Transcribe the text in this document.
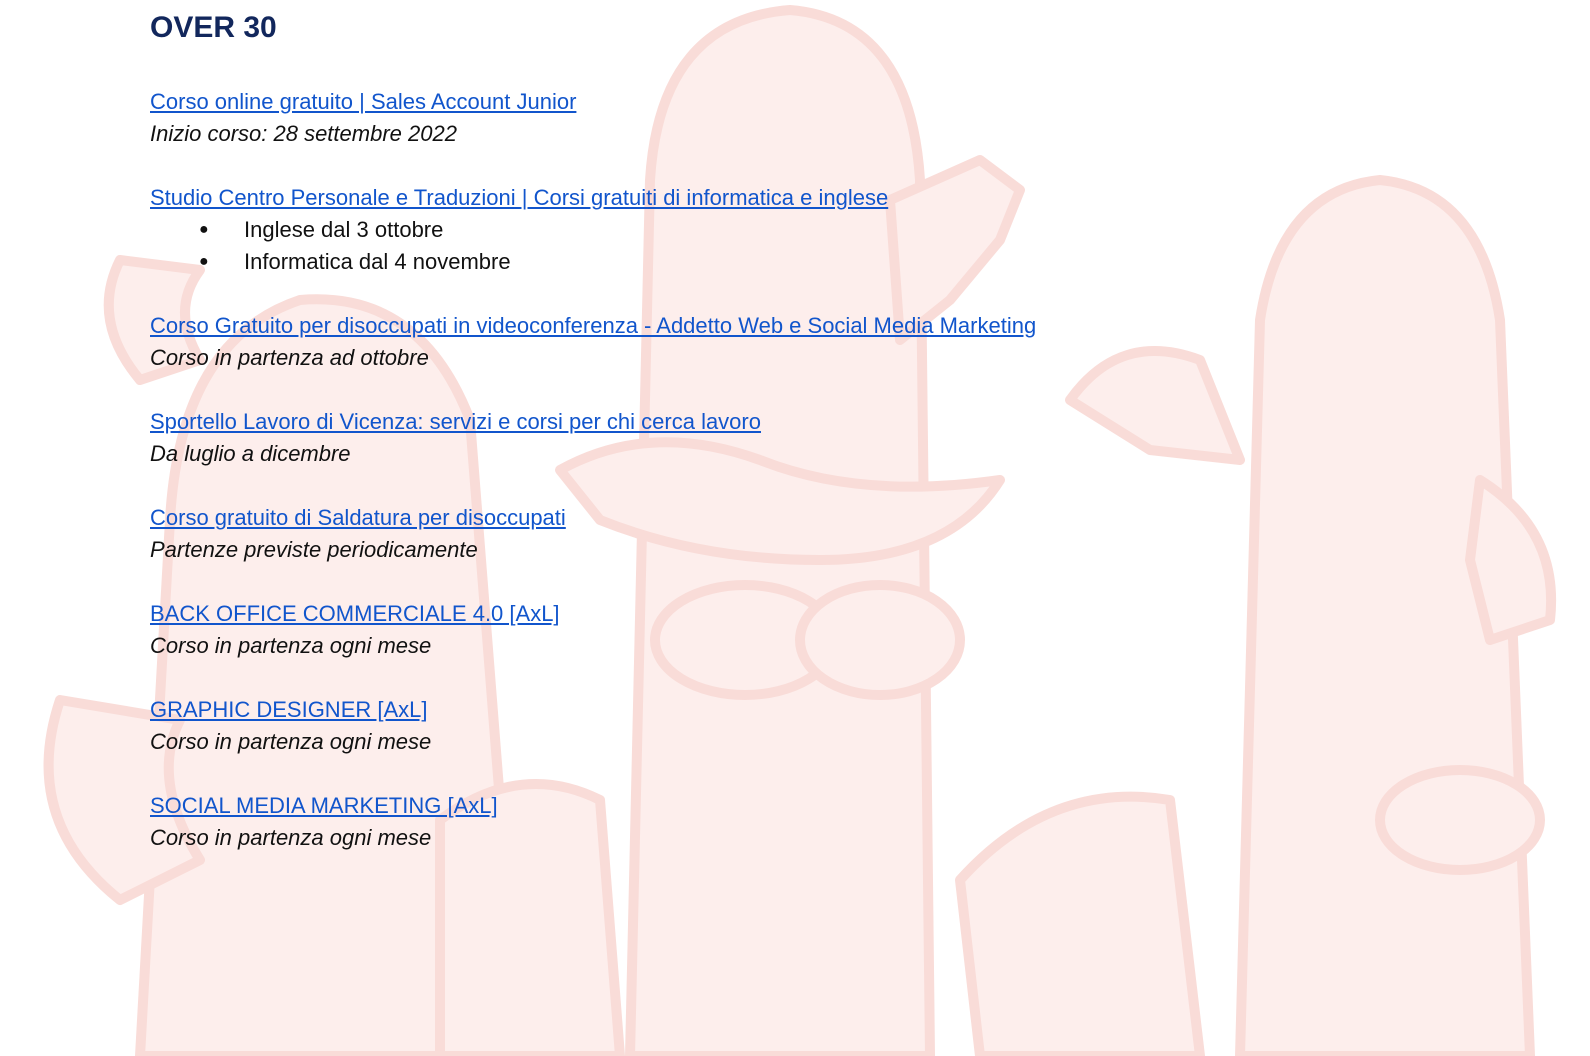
OVER 30
Corso online gratuito | Sales Account Junior
Inizio corso: 28 settembre 2022
Studio Centro Personale e Traduzioni | Corsi gratuiti di informatica e inglese
● Inglese dal 3 ottobre
● Informatica dal 4 novembre
Corso Gratuito per disoccupati in videoconferenza - Addetto Web e Social Media Marketing
Corso in partenza ad ottobre
Sportello Lavoro di Vicenza: servizi e corsi per chi cerca lavoro
Da luglio a dicembre
Corso gratuito di Saldatura per disoccupati
Partenze previste periodicamente
BACK OFFICE COMMERCIALE 4.0 [AxL]
Corso in partenza ogni mese
GRAPHIC DESIGNER [AxL]
Corso in partenza ogni mese
SOCIAL MEDIA MARKETING [AxL]
Corso in partenza ogni mese
